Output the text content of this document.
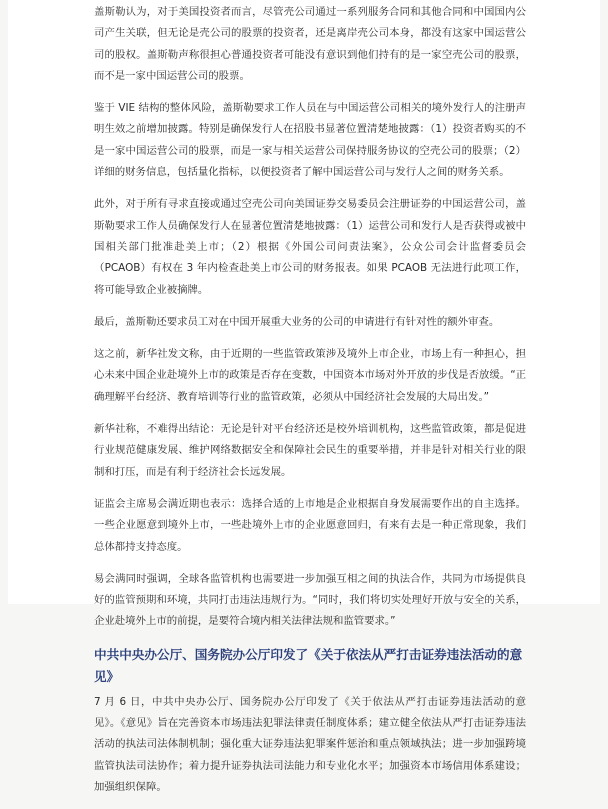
盖斯勒认为，对于美国投资者而言，尽管壳公司通过一系列服务合同和其他合同和中国国内公司产生关联，但无论是壳公司的股票的投资者，还是离岸壳公司本身，都没有这家中国运营公司的股权。盖斯勒声称很担心普通投资者可能没有意识到他们持有的是一家空壳公司的股票，而不是一家中国运营公司的股票。

鉴于 VIE 结构的整体风险，盖斯勒要求工作人员在与中国运营公司相关的境外发行人的注册声明生效之前增加披露。特别是确保发行人在招股书显著位置清楚地披露：（1）投资者购买的不是一家中国运营公司的股票，而是一家与相关运营公司保持服务协议的空壳公司的股票；（2）详细的财务信息，包括量化指标，以便投资者了解中国运营公司与发行人之间的财务关系。

此外，对于所有寻求直接或通过空壳公司向美国证券交易委员会注册证券的中国运营公司，盖斯勒要求工作人员确保发行人在显著位置清楚地披露：（1）运营公司和发行人是否获得或被中国相关部门批准赴美上市；（2）根据《外国公司问责法案》，公众公司会计监督委员会（PCAOB）有权在 3 年内检查赴美上市公司的财务报表。如果 PCAOB 无法进行此项工作，将可能导致企业被摘牌。

最后，盖斯勒还要求员工对在中国开展重大业务的公司的申请进行有针对性的额外审查。

这之前，新华社发文称，由于近期的一些监管政策涉及境外上市企业，市场上有一种担心，担心未来中国企业赴境外上市的政策是否存在变数，中国资本市场对外开放的步伐是否放缓。“正确理解平台经济、教育培训等行业的监管政策，必须从中国经济社会发展的大局出发。”

新华社称，不难得出结论：无论是针对平台经济还是校外培训机构，这些监管政策，都是促进行业规范健康发展、维护网络数据安全和保障社会民生的重要举措，并非是针对相关行业的限制和打压，而是有利于经济社会长远发展。

证监会主席易会满近期也表示：选择合适的上市地是企业根据自身发展需要作出的自主选择。一些企业愿意到境外上市，一些赴境外上市的企业愿意回归，有来有去是一种正常现象，我们总体都持支持态度。

易会满同时强调，全球各监管机构也需要进一步加强互相之间的执法合作，共同为市场提供良好的监管预期和环境，共同打击违法违规行为。“同时，我们将切实处理好开放与安全的关系，企业赴境外上市的前提，是要符合境内相关法律法规和监管要求。”

中共中央办公厅、国务院办公厅印发了《关于依法从严打击证券违法活动的意见》

7 月 6 日，中共中央办公厅、国务院办公厅印发了《关于依法从严打击证券违法活动的意见》。《意见》旨在完善资本市场违法犯罪法律责任制度体系；建立健全依法从严打击证券违法活动的执法司法体制机制；强化重大证券违法犯罪案件惩治和重点领域执法；进一步加强跨境监管执法司法协作；着力提升证券执法司法能力和专业化水平；加强资本市场信用体系建设；加强组织保障。
